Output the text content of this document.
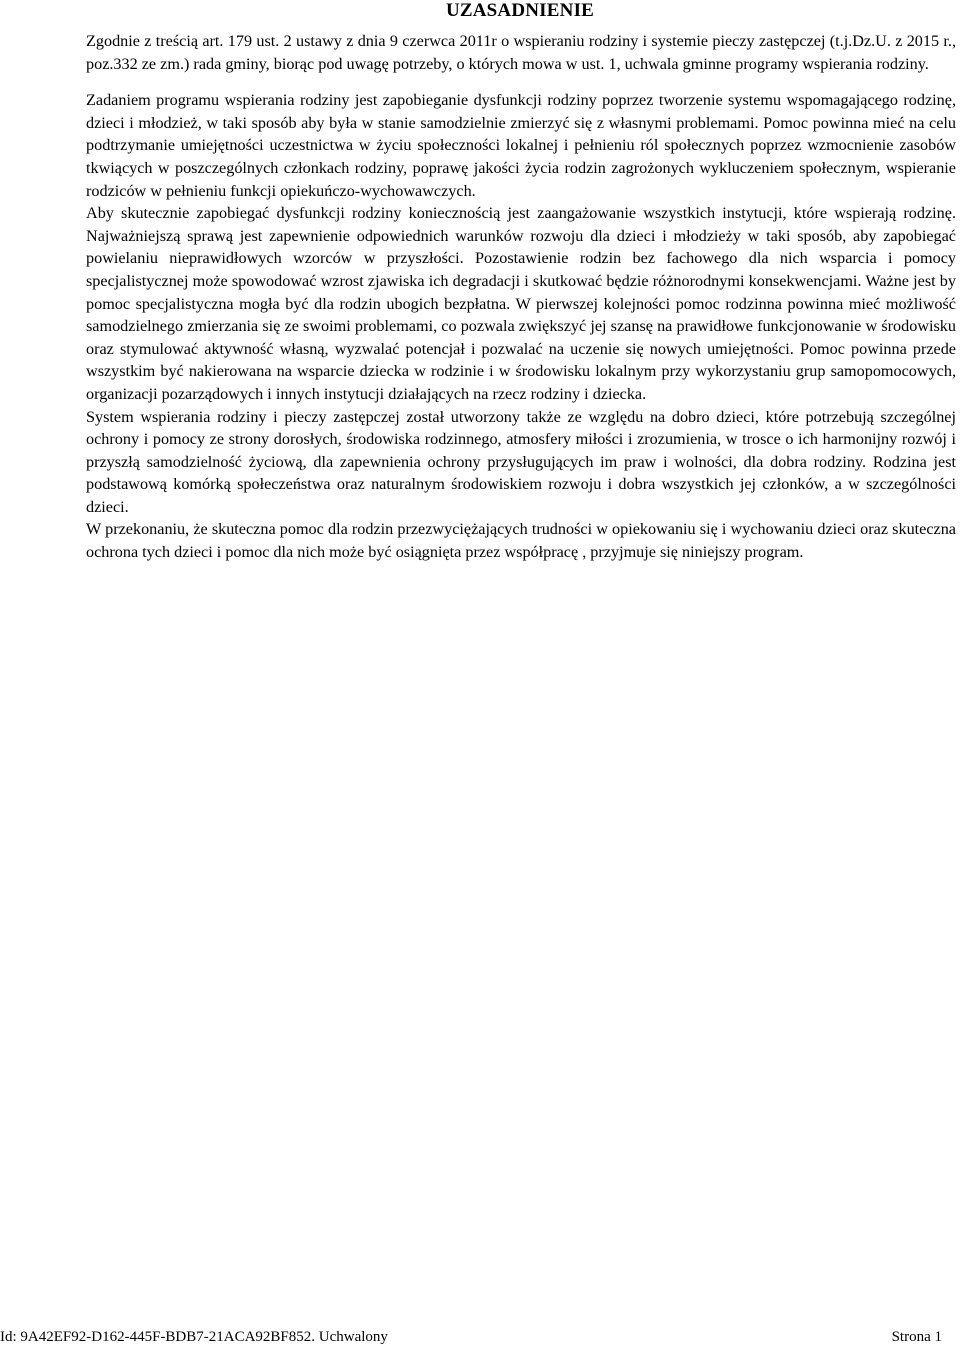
UZASADNIENIE

Zgodnie z treścią art. 179 ust. 2 ustawy z dnia 9 czerwca 2011r o wspieraniu rodziny i systemie pieczy zastępczej (t.j.Dz.U. z 2015 r., poz.332 ze zm.) rada gminy, biorąc pod uwagę potrzeby, o których mowa w ust. 1, uchwala gminne programy wspierania rodziny.

Zadaniem programu wspierania rodziny jest zapobieganie dysfunkcji rodziny poprzez tworzenie systemu wspomagającego rodzinę, dzieci i młodzież, w taki sposób aby była w stanie samodzielnie zmierzyć się z własnymi problemami. Pomoc powinna mieć na celu podtrzymanie umiejętności uczestnictwa w życiu społeczności lokalnej i pełnieniu ról społecznych poprzez wzmocnienie zasobów tkwiących w poszczególnych członkach rodziny, poprawę jakości życia rodzin zagrożonych wykluczeniem społecznym, wspieranie rodziców w pełnieniu funkcji opiekuńczo-wychowawczych.

Aby skutecznie zapobiegać dysfunkcji rodziny koniecznością jest zaangażowanie wszystkich instytucji, które wspierają rodzinę. Najważniejszą sprawą jest zapewnienie odpowiednich warunków rozwoju dla dzieci i młodzieży w taki sposób, aby zapobiegać powielaniu nieprawidłowych wzorców w przyszłości. Pozostawienie rodzin bez fachowego dla nich wsparcia i pomocy specjalistycznej może spowodować wzrost zjawiska ich degradacji i skutkować będzie różnorodnymi konsekwencjami. Ważne jest by pomoc specjalistyczna mogła być dla rodzin ubogich bezpłatna. W pierwszej kolejności pomoc rodzinna powinna mieć możliwość samodzielnego zmierzania się ze swoimi problemami, co pozwala zwiększyć jej szansę na prawidłowe funkcjonowanie w środowisku oraz stymulować aktywność własną, wyzwalać potencjał i pozwalać na uczenie się nowych umiejętności. Pomoc powinna przede wszystkim być nakierowana na wsparcie dziecka w rodzinie i w środowisku lokalnym przy wykorzystaniu grup samopomocowych, organizacji pozarządowych i innych instytucji działających na rzecz rodziny i dziecka.

System wspierania rodziny i pieczy zastępczej został utworzony także ze względu na dobro dzieci, które potrzebują szczególnej ochrony i pomocy ze strony dorosłych, środowiska rodzinnego, atmosfery miłości i zrozumienia, w trosce o ich harmonijny rozwój i przyszłą samodzielność życiową, dla zapewnienia ochrony przysługujących im praw i wolności, dla dobra rodziny. Rodzina jest podstawową komórką społeczeństwa oraz naturalnym środowiskiem rozwoju i dobra wszystkich jej członków, a w szczególności dzieci.

W przekonaniu, że skuteczna pomoc dla rodzin przezwyciężających trudności w opiekowaniu się i wychowaniu dzieci oraz skuteczna ochrona tych dzieci i pomoc dla nich może być osiągnięta przez współpracę , przyjmuje się niniejszy program.

Id: 9A42EF92-D162-445F-BDB7-21ACA92BF852. Uchwalony	Strona 1
